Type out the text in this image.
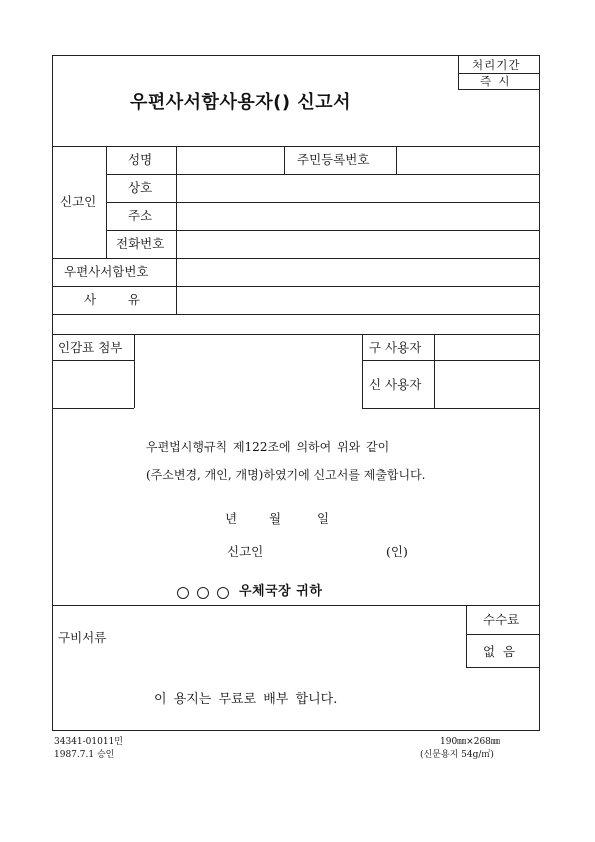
처리기간
즉  시
우편사서함사용자() 신고서
신고인
성명	주민등록번호
상호
주소
전화번호
우편사서함번호
사        유
인감표 첨부	구 사용자
신 사용자
우편법시행규칙 제122조에 의하여 위와 같이
(주소변경, 개인, 개명)하였기에 신고서를 제출합니다.
년	월	일
신고인	(인)
우체국장 귀하
구비서류
수수료
없  음
이 용지는 무료로 배부 합니다.
34341-01011민
1987.7.1 승인
190㎜×268㎜
(신문용지 54g/㎡)
